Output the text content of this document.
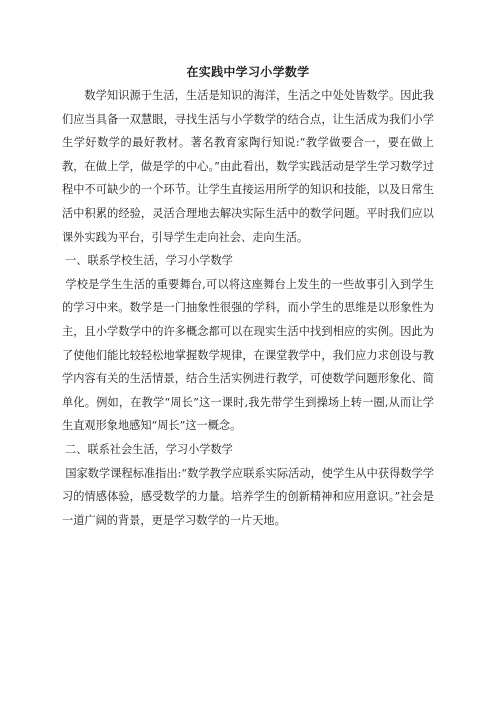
在实践中学习小学数学

数学知识源于生活，生活是知识的海洋，生活之中处处皆数学。因此我们应当具备一双慧眼，寻找生活与小学数学的结合点，让生活成为我们小学生学好数学的最好教材。著名教育家陶行知说:“教学做要合一，要在做上教，在做上学，做是学的中心。”由此看出，数学实践活动是学生学习数学过程中不可缺少的一个环节。让学生直接运用所学的知识和技能，以及日常生活中积累的经验，灵活合理地去解决实际生活中的数学问题。平时我们应以课外实践为平台，引导学生走向社会、走向生活。

一、联系学校生活，学习小学数学

学校是学生生活的重要舞台,可以将这座舞台上发生的一些故事引入到学生的学习中来。数学是一门抽象性很强的学科，而小学生的思维是以形象性为主，且小学数学中的许多概念都可以在现实生活中找到相应的实例。因此为了使他们能比较轻松地掌握数学规律，在课堂教学中，我们应力求创设与教学内容有关的生活情景，结合生活实例进行教学，可使数学问题形象化、简单化。例如，在教学“周长”这一课时,我先带学生到操场上转一圈,从而让学生直观形象地感知“周长”这一概念。

二、联系社会生活，学习小学数学

国家数学课程标准指出:“数学教学应联系实际活动，使学生从中获得数学学习的情感体验，感受数学的力量。培养学生的创新精神和应用意识。”社会是一道广阔的背景，更是学习数学的一片天地。
